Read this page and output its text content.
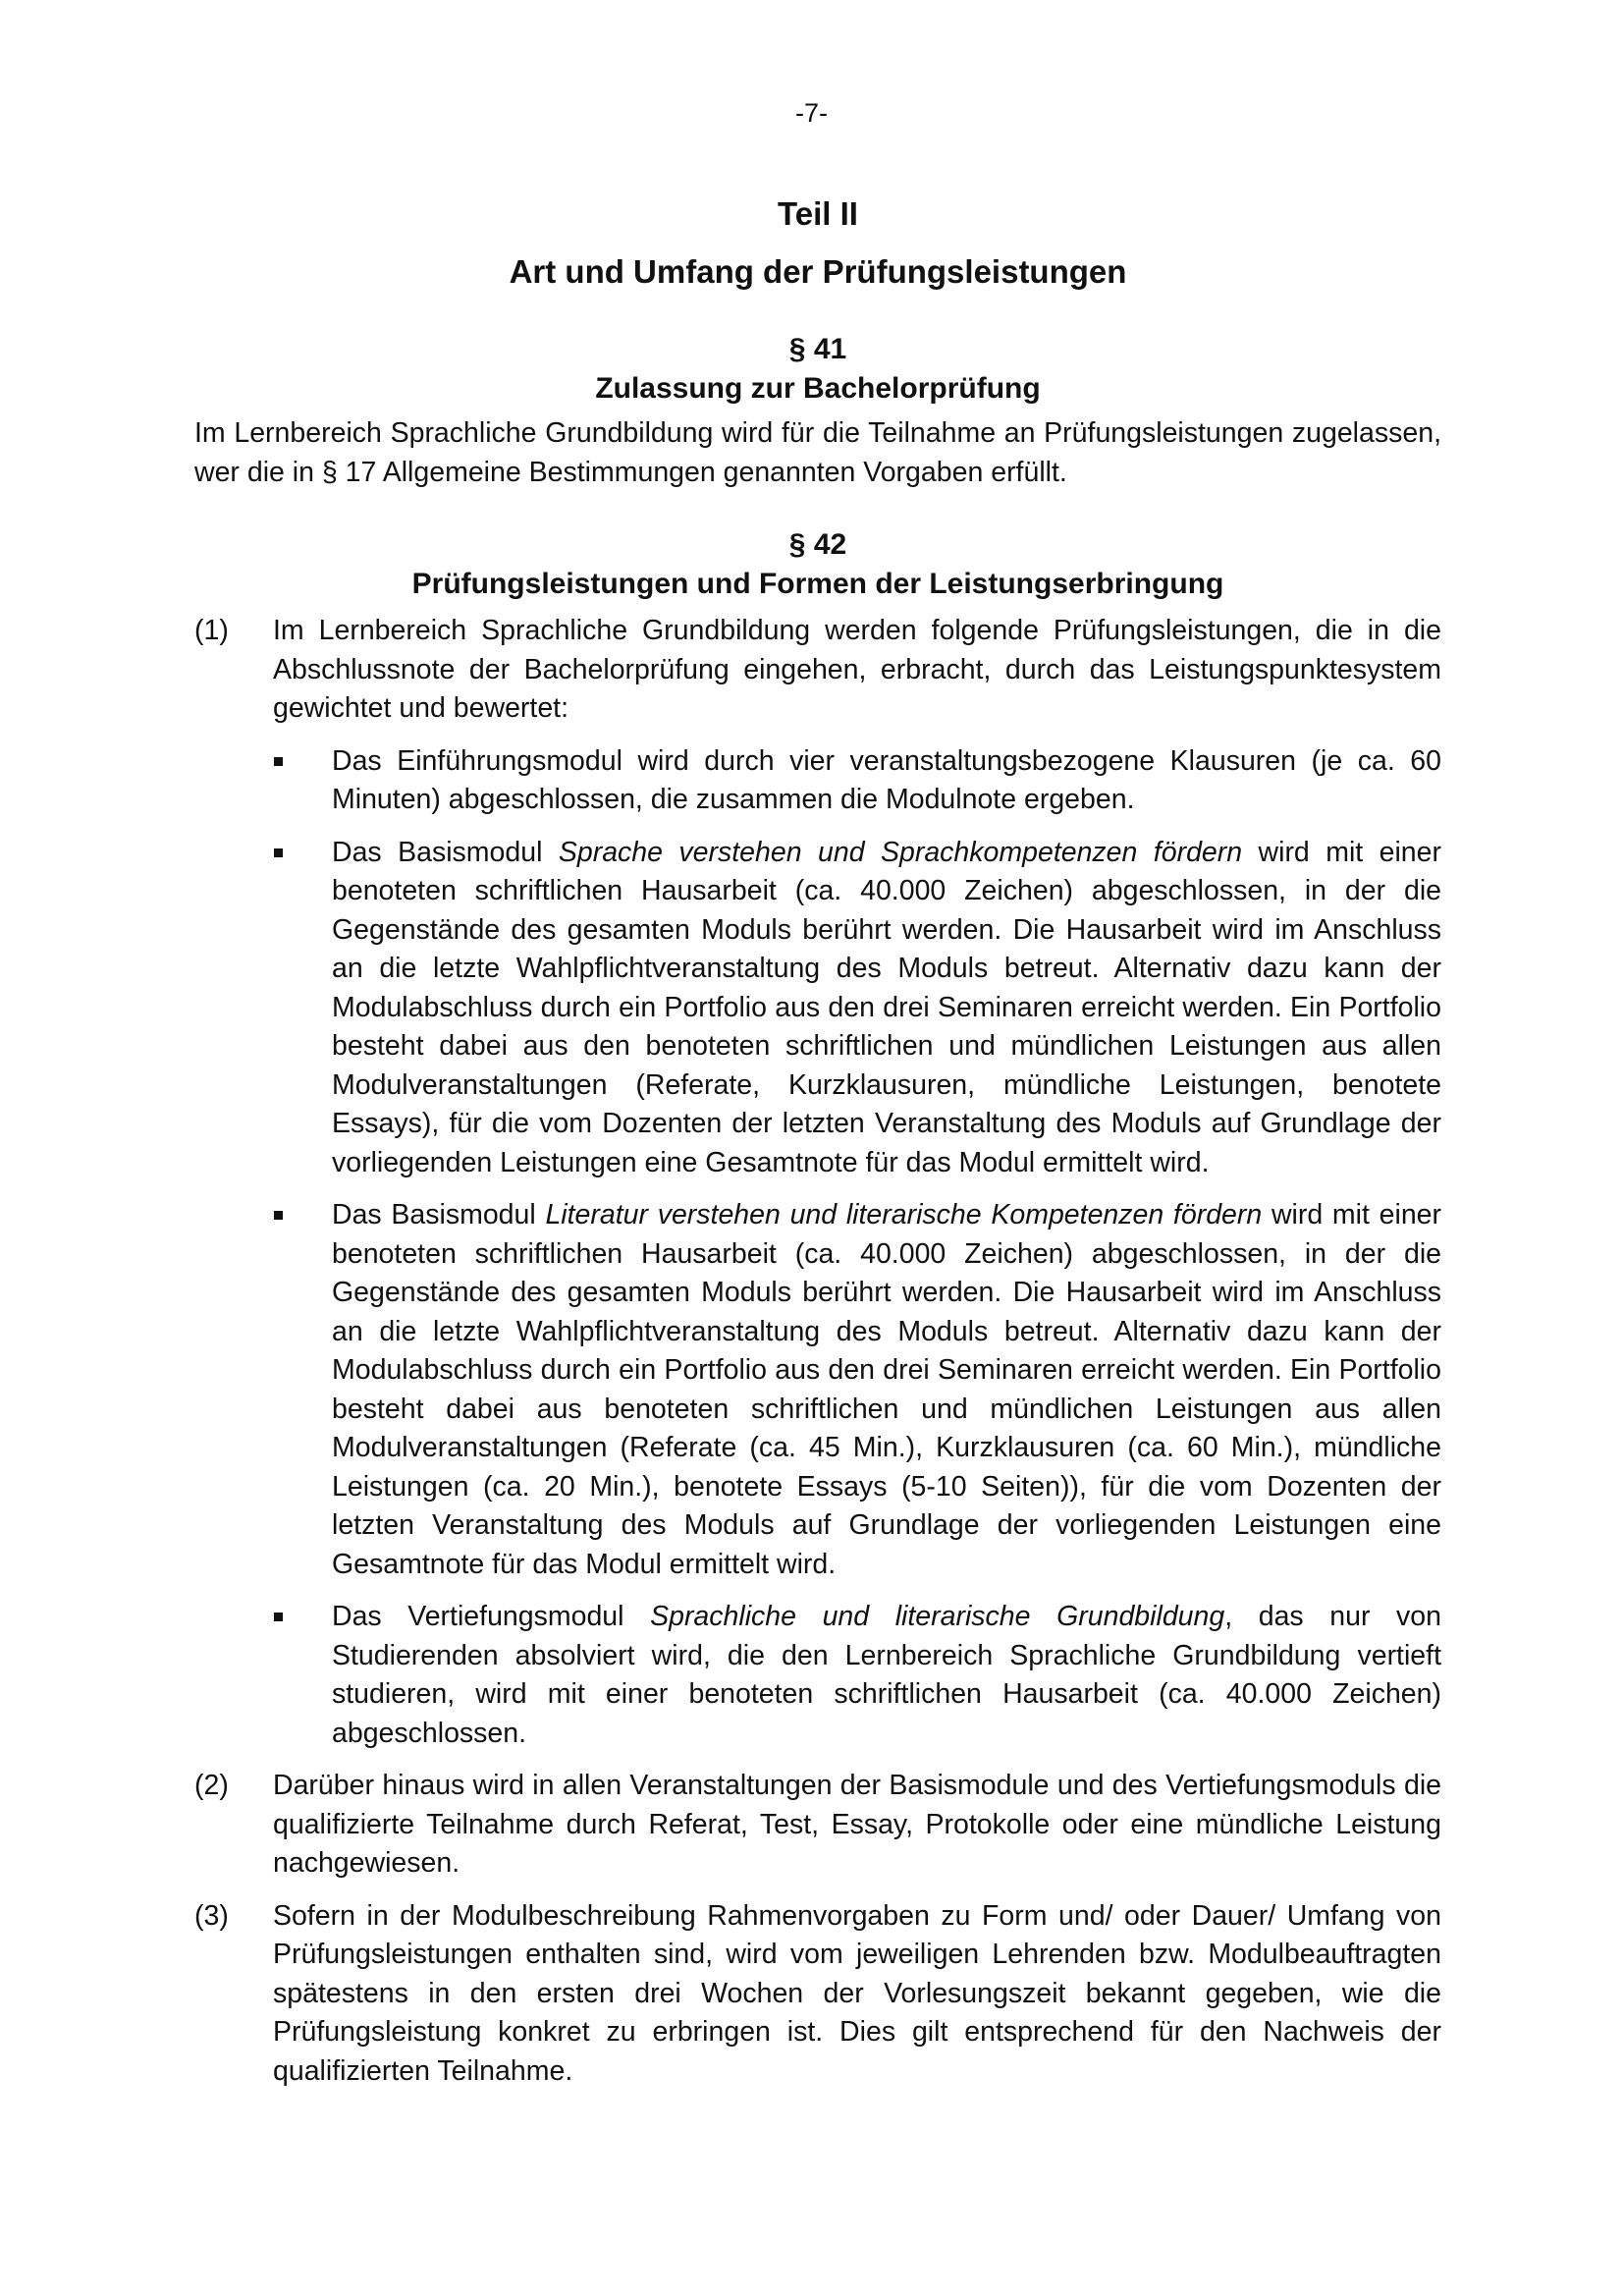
-7-
Teil II
Art und Umfang der Prüfungsleistungen
§ 41
Zulassung zur Bachelorprüfung

Im Lernbereich Sprachliche Grundbildung wird für die Teilnahme an Prüfungsleistungen zugelassen, wer die in § 17 Allgemeine Bestimmungen genannten Vorgaben erfüllt.

§ 42
Prüfungsleistungen und Formen der Leistungserbringung
(1)	Im Lernbereich Sprachliche Grundbildung werden folgende Prüfungsleistungen, die in die Abschlussnote der Bachelorprüfung eingehen, erbracht, durch das Leistungspunktesystem gewichtet und bewertet:
Das Einführungsmodul wird durch vier veranstaltungsbezogene Klausuren (je ca. 60 Minuten) abgeschlossen, die zusammen die Modulnote ergeben.
Das Basismodul Sprache verstehen und Sprachkompetenzen fördern wird mit einer benoteten schriftlichen Hausarbeit (ca. 40.000 Zeichen) abgeschlossen, in der die Gegenstände des gesamten Moduls berührt werden. Die Hausarbeit wird im Anschluss an die letzte Wahlpflichtveranstaltung des Moduls betreut. Alternativ dazu kann der Modulabschluss durch ein Portfolio aus den drei Seminaren erreicht werden. Ein Portfolio besteht dabei aus den benoteten schriftlichen und mündlichen Leistungen aus allen Modulveranstaltungen (Referate, Kurzklausuren, mündliche Leistungen, benotete Essays), für die vom Dozenten der letzten Veranstaltung des Moduls auf Grundlage der vorliegenden Leistungen eine Gesamtnote für das Modul ermittelt wird.
Das Basismodul Literatur verstehen und literarische Kompetenzen fördern wird mit einer benoteten schriftlichen Hausarbeit (ca. 40.000 Zeichen) abgeschlossen, in der die Gegenstände des gesamten Moduls berührt werden. Die Hausarbeit wird im Anschluss an die letzte Wahlpflichtveranstaltung des Moduls betreut. Alternativ dazu kann der Modulabschluss durch ein Portfolio aus den drei Seminaren erreicht werden. Ein Portfolio besteht dabei aus benoteten schriftlichen und mündlichen Leistungen aus allen Modulveranstaltungen (Referate (ca. 45 Min.), Kurzklausuren (ca. 60 Min.), mündliche Leistungen (ca. 20 Min.), benotete Essays (5-10 Seiten)), für die vom Dozenten der letzten Veranstaltung des Moduls auf Grundlage der vorliegenden Leistungen eine Gesamtnote für das Modul ermittelt wird.
Das Vertiefungsmodul Sprachliche und literarische Grundbildung, das nur von Studierenden absolviert wird, die den Lernbereich Sprachliche Grundbildung vertieft studieren, wird mit einer benoteten schriftlichen Hausarbeit (ca. 40.000 Zeichen) abgeschlossen.
(2)	Darüber hinaus wird in allen Veranstaltungen der Basismodule und des Vertiefungsmoduls die qualifizierte Teilnahme durch Referat, Test, Essay, Protokolle oder eine mündliche Leistung nachgewiesen.
(3)	Sofern in der Modulbeschreibung Rahmenvorgaben zu Form und/ oder Dauer/ Umfang von Prüfungsleistungen enthalten sind, wird vom jeweiligen Lehrenden bzw. Modulbeauftragten spätestens in den ersten drei Wochen der Vorlesungszeit bekannt gegeben, wie die Prüfungsleistung konkret zu erbringen ist. Dies gilt entsprechend für den Nachweis der qualifizierten Teilnahme.
